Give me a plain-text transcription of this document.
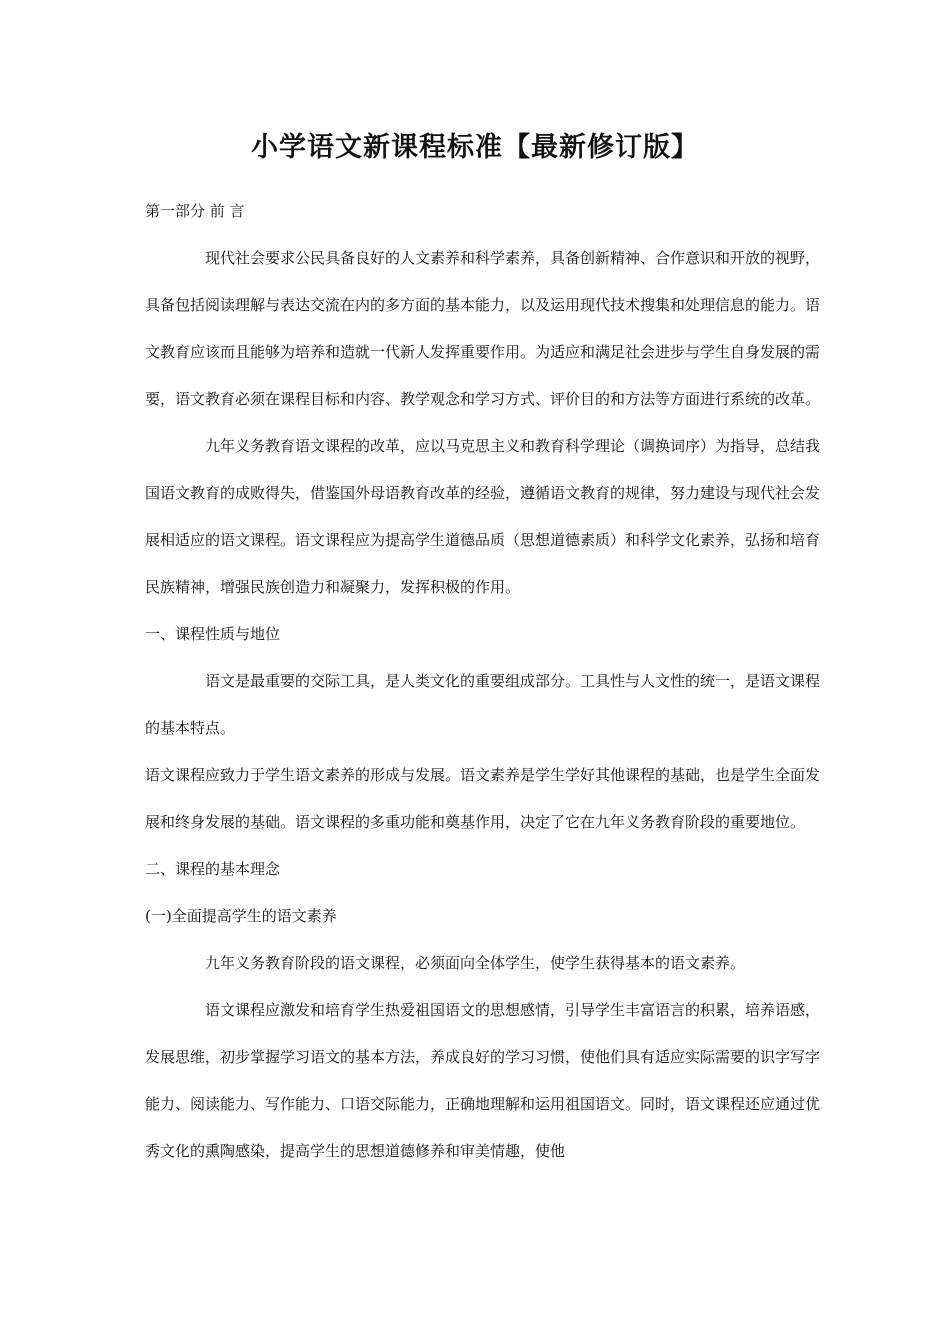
小学语文新课程标准【最新修订版】

第一部分 前 言

现代社会要求公民具备良好的人文素养和科学素养，具备创新精神、合作意识和开放的视野，具备包括阅读理解与表达交流在内的多方面的基本能力，以及运用现代技术搜集和处理信息的能力。语文教育应该而且能够为培养和造就一代新人发挥重要作用。为适应和满足社会进步与学生自身发展的需要，语文教育必须在课程目标和内容、教学观念和学习方式、评价目的和方法等方面进行系统的改革。

九年义务教育语文课程的改革，应以马克思主义和教育科学理论（调换词序）为指导，总结我国语文教育的成败得失，借鉴国外母语教育改革的经验，遵循语文教育的规律，努力建设与现代社会发展相适应的语文课程。语文课程应为提高学生道德品质（思想道德素质）和科学文化素养，弘扬和培育民族精神，增强民族创造力和凝聚力，发挥积极的作用。

一、课程性质与地位

语文是最重要的交际工具，是人类文化的重要组成部分。工具性与人文性的统一，是语文课程的基本特点。

语文课程应致力于学生语文素养的形成与发展。语文素养是学生学好其他课程的基础，也是学生全面发展和终身发展的基础。语文课程的多重功能和奠基作用，决定了它在九年义务教育阶段的重要地位。

二、课程的基本理念

(一)全面提高学生的语文素养

九年义务教育阶段的语文课程，必须面向全体学生，使学生获得基本的语文素养。

语文课程应激发和培育学生热爱祖国语文的思想感情，引导学生丰富语言的积累，培养语感，发展思维，初步掌握学习语文的基本方法，养成良好的学习习惯，使他们具有适应实际需要的识字写字能力、阅读能力、写作能力、口语交际能力，正确地理解和运用祖国语文。同时，语文课程还应通过优秀文化的熏陶感染，提高学生的思想道德修养和审美情趣，使他
